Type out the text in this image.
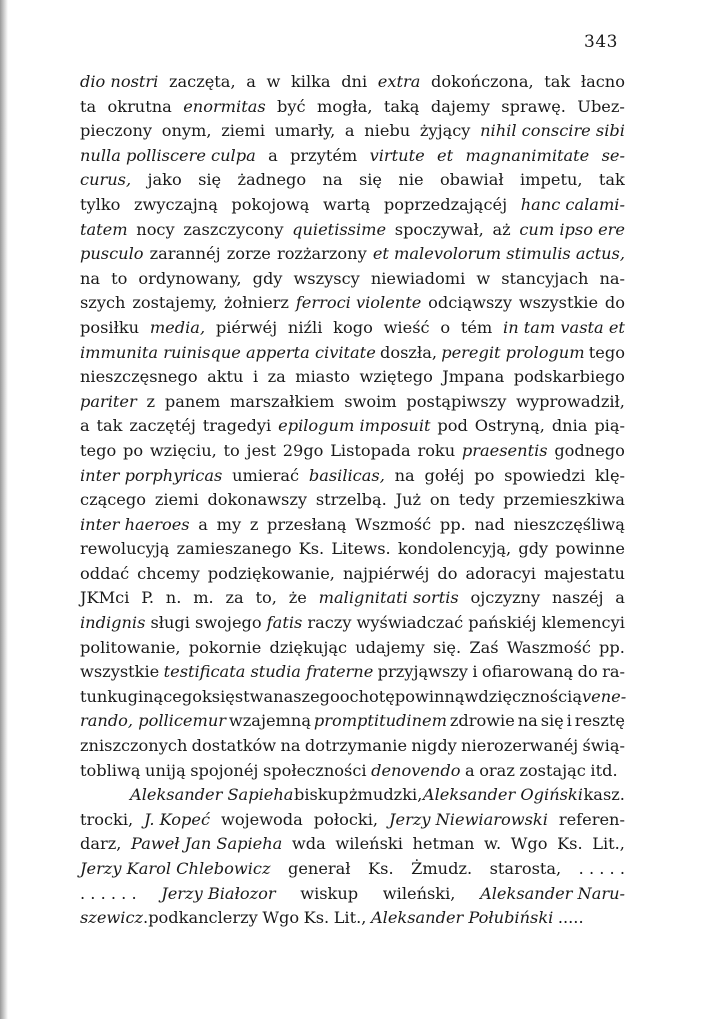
343
dio nostri zaczęta, a w kilka dni extra dokończona, tak łacno
ta okrutna enormitas być mogła, taką dajemy sprawę. Ubez-
pieczony onym, ziemi umarły, a niebu żyjący nihil conscire sibi
nulla polliscere culpa a przytém virtute et magnanimitate se-
curus, jako się żadnego na się nie obawiał impetu, tak
tylko zwyczajną pokojową wartą poprzedzającéj hanc calami-
tatem nocy zaszczycony quietissime spoczywał, aż cum ipso ere
pusculo zarannéj zorze rozżarzony et malevolorum stimulis actus,
na to ordynowany, gdy wszyscy niewiadomi w stancyjach na-
szych zostajemy, żołnierz ferroci violente odciąwszy wszystkie do
posiłku media, piérwéj niźli kogo wieść o tém in tam vasta et
immunita ruinisque apperta civitate doszła, peregit prologum tego
nieszczęsnego aktu i za miasto wziętego Jmpana podskarbiego
pariter z panem marszałkiem swoim postąpiwszy wyprowadził,
a tak zaczętéj tragedyi epilogum imposuit pod Ostryną, dnia pią-
tego po wzięciu, to jest 29go Listopada roku praesentis godnego
inter porphyricas umierać basilicas, na gołéj po spowiedzi klę-
czącego ziemi dokonawszy strzelbą. Już on tedy przemieszkiwa
inter haeroes a my z przesłaną Wszmość pp. nad nieszczęśliwą
rewolucyją zamieszanego Ks. Litews. kondolencyją, gdy powinne
oddać chcemy podziękowanie, najpiérwéj do adoracyi majestatu
JKMci P. n. m. za to, że malignitati sortis ojczyzny naszéj a
indignis sługi swojego fatis raczy wyświadczać pańskiéj klemencyi
politowanie, pokornie dziękując udajemy się. Zaś Waszmość pp.
wszystkie testificata studia fraterne przyjąwszy i ofiarowaną do ra-
tunku ginącego księstwa naszego ochotę powinną wdzięcznością vene-
rando, pollicemur wzajemną promptitudinem zdrowie na się i resztę
zniszczonych dostatków na dotrzymanie nigdy nierozerwanéj świą-
tobliwą uniją spojonéj społeczności denovendo a oraz zostając itd.
Aleksander Sapieha biskup żmudzki, Aleksander Ogiński kasz.
trocki, J. Kopeć wojewoda połocki, Jerzy Niewiarowski referen-
darz, Paweł Jan Sapieha wda wileński hetman w. Wgo Ks. Lit.,
Jerzy Karol Chlebowicz generał Ks. Żmudz. starosta, . . . . .
. . . . . . Jerzy Białozor wiskup wileński, Aleksander Naru-
szewicz.podkanclerzy Wgo Ks. Lit., Aleksander Połubiński .....
